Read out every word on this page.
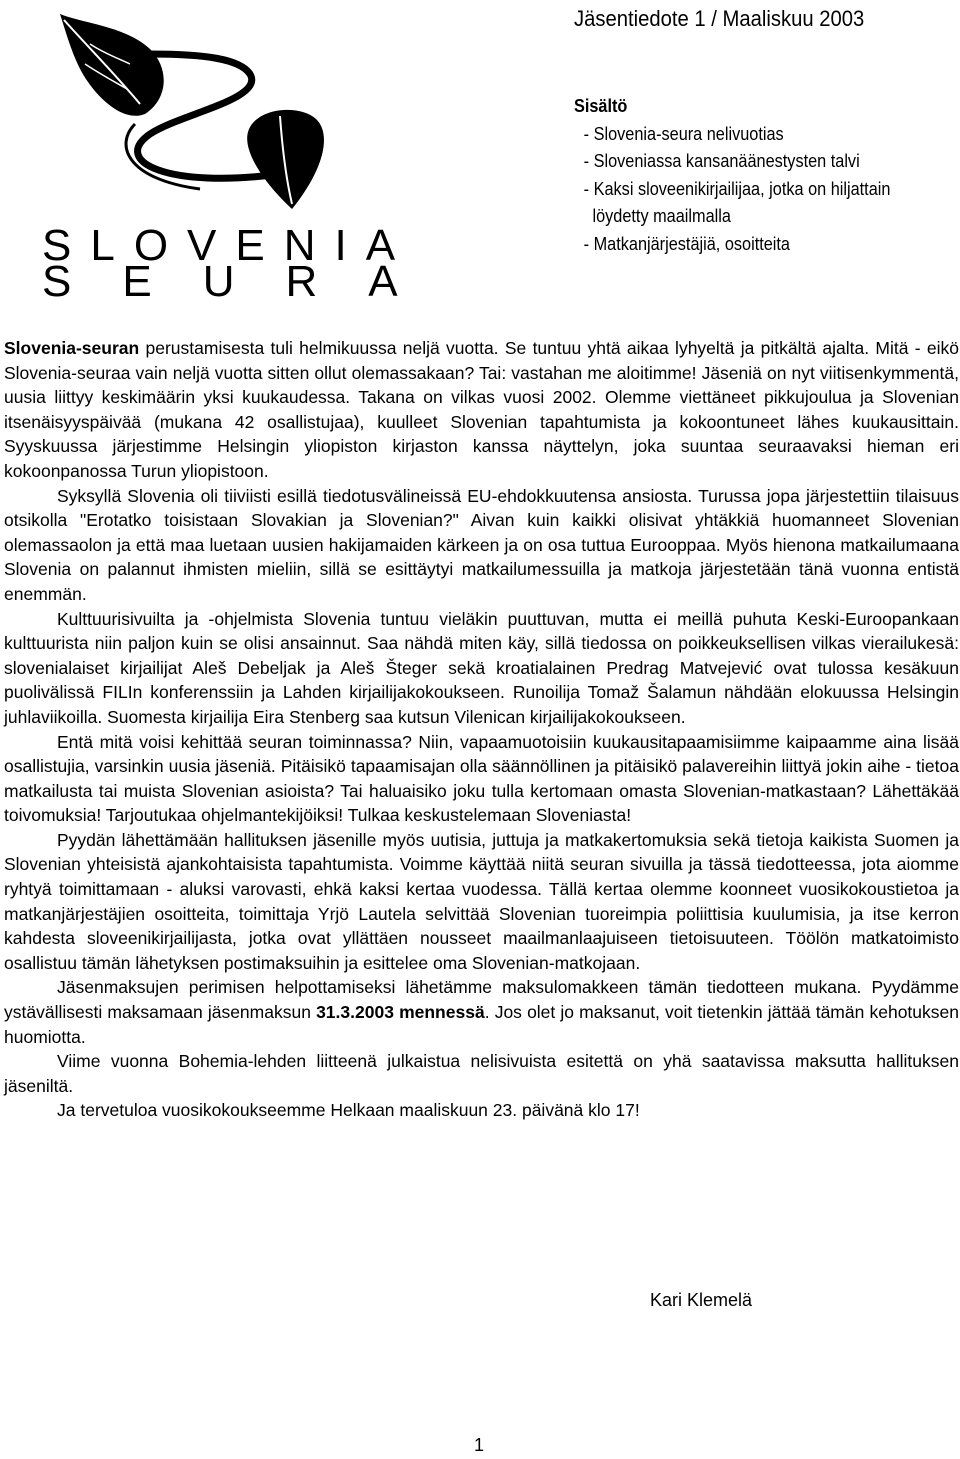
SLOVENIA
SEURA
Jäsentiedote 1 / Maaliskuu 2003
Sisältö
- Slovenia-seura nelivuotias
- Sloveniassa kansanäänestysten talvi
- Kaksi sloveenikirjailijaa, jotka on hiljattain
löydetty maailmalla
- Matkanjärjestäjiä, osoitteita

Slovenia-seuran perustamisesta tuli helmikuussa neljä vuotta. Se tuntuu yhtä aikaa lyhyeltä ja pitkältä ajalta. Mitä - eikö Slovenia-seuraa vain neljä vuotta sitten ollut olemassakaan? Tai: vastahan me aloitimme! Jäseniä on nyt viitisenkymmentä, uusia liittyy keskimäärin yksi kuukaudessa. Takana on vilkas vuosi 2002. Olemme viettäneet pikkujoulua ja Slovenian itsenäisyyspäivää (mukana 42 osallistujaa), kuulleet Slovenian tapahtumista ja kokoontuneet lähes kuukausittain. Syyskuussa järjestimme Helsingin yliopiston kirjaston kanssa näyttelyn, joka suuntaa seuraavaksi hieman eri kokoonpanossa Turun yliopistoon.

Syksyllä Slovenia oli tiiviisti esillä tiedotusvälineissä EU-ehdokkuutensa ansiosta. Turussa jopa järjestettiin tilaisuus otsikolla "Erotatko toisistaan Slovakian ja Slovenian?" Aivan kuin kaikki olisivat yhtäkkiä huomanneet Slovenian olemassaolon ja että maa luetaan uusien hakijamaiden kärkeen ja on osa tuttua Eurooppaa. Myös hienona matkailumaana Slovenia on palannut ihmisten mieliin, sillä se esittäytyi matkailumessuilla ja matkoja järjestetään tänä vuonna entistä enemmän.

Kulttuurisivuilta ja -ohjelmista Slovenia tuntuu vieläkin puuttuvan, mutta ei meillä puhuta Keski-Euroopankaan kulttuurista niin paljon kuin se olisi ansainnut. Saa nähdä miten käy, sillä tiedossa on poikkeuksellisen vilkas vierailukesä: slovenialaiset kirjailijat Aleš Debeljak ja Aleš Šteger sekä kroatialainen Predrag Matvejević ovat tulossa kesäkuun puolivälissä FILIn konferenssiin ja Lahden kirjailijakokoukseen. Runoilija Tomaž Šalamun nähdään elokuussa Helsingin juhlaviikoilla. Suomesta kirjailija Eira Stenberg saa kutsun Vilenican kirjailijakokoukseen.

Entä mitä voisi kehittää seuran toiminnassa? Niin, vapaamuotoisiin kuukausitapaamisiimme kaipaamme aina lisää osallistujia, varsinkin uusia jäseniä. Pitäisikö tapaamisajan olla säännöllinen ja pitäisikö palavereihin liittyä jokin aihe - tietoa matkailusta tai muista Slovenian asioista? Tai haluaisiko joku tulla kertomaan omasta Slovenian-matkastaan? Lähettäkää toivomuksia! Tarjoutukaa ohjelmantekijöiksi! Tulkaa keskustelemaan Sloveniasta!

Pyydän lähettämään hallituksen jäsenille myös uutisia, juttuja ja matkakertomuksia sekä tietoja kaikista Suomen ja Slovenian yhteisistä ajankohtaisista tapahtumista. Voimme käyttää niitä seuran sivuilla ja tässä tiedotteessa, jota aiomme ryhtyä toimittamaan - aluksi varovasti, ehkä kaksi kertaa vuodessa. Tällä kertaa olemme koonneet vuosikokoustietoa ja matkanjärjestäjien osoitteita, toimittaja Yrjö Lautela selvittää Slovenian tuoreimpia poliittisia kuulumisia, ja itse kerron kahdesta sloveenikirjailijasta, jotka ovat yllättäen nousseet maailmanlaajuiseen tietoisuuteen. Töölön matkatoimisto osallistuu tämän lähetyksen postimaksuihin ja esittelee oma Slovenian-matkojaan.

Jäsenmaksujen perimisen helpottamiseksi lähetämme maksulomakkeen tämän tiedotteen mukana. Pyydämme ystävällisesti maksamaan jäsenmaksun 31.3.2003 mennessä. Jos olet jo maksanut, voit tietenkin jättää tämän kehotuksen huomiotta.

Viime vuonna Bohemia-lehden liitteenä julkaistua nelisivuista esitettä on yhä saatavissa maksutta hallituksen jäseniltä.

Ja tervetuloa vuosikokoukseemme Helkaan maaliskuun 23. päivänä klo 17!

Kari Klemelä
1
